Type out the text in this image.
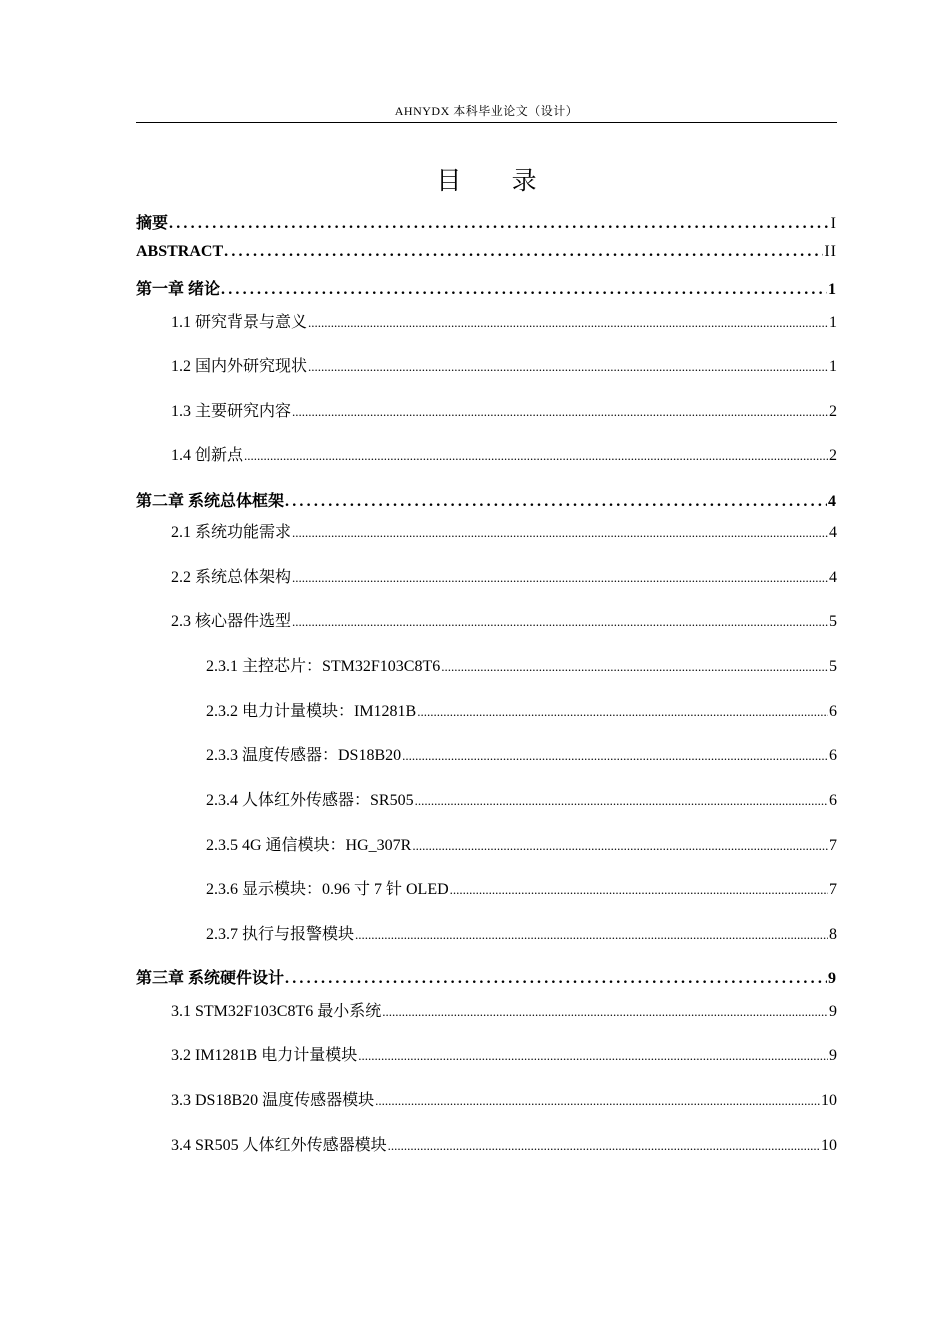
AHNYDX 本科毕业论文（设计）
目 录
摘要 .....	I
ABSTRACT .....	II
第一章 绪论 .....	1
1.1 研究背景与意义 .....	1
1.2 国内外研究现状 .....	1
1.3 主要研究内容 .....	2
1.4 创新点 .....	2
第二章 系统总体框架 .....	4
2.1 系统功能需求 .....	4
2.2 系统总体架构 .....	4
2.3 核心器件选型 .....	5
2.3.1 主控芯片：STM32F103C8T6 .....	5
2.3.2 电力计量模块：IM1281B .....	6
2.3.3 温度传感器：DS18B20 .....	6
2.3.4 人体红外传感器：SR505 .....	6
2.3.5 4G 通信模块：HG_307R .....	7
2.3.6 显示模块：0.96 寸 7 针 OLED .....	7
2.3.7 执行与报警模块 .....	8
第三章 系统硬件设计 .....	9
3.1 STM32F103C8T6 最小系统 .....	9
3.2 IM1281B 电力计量模块 .....	9
3.3 DS18B20 温度传感器模块 .....	10
3.4 SR505 人体红外传感器模块 .....	10
